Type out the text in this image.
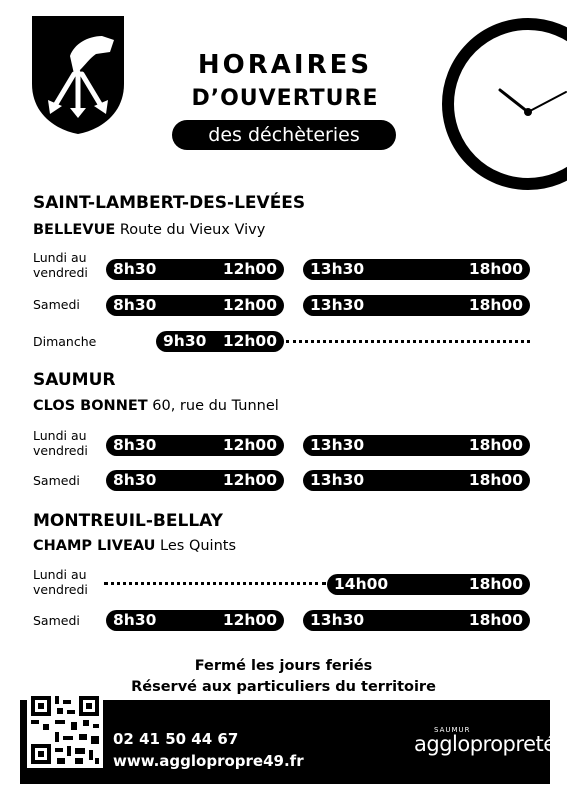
HORAIRES
D’OUVERTURE
des déchèteries
SAINT-LAMBERT-DES-LEVÉES
BELLEVUE Route du Vieux Vivy
Lundi au
vendredi 8h30	12h00 13h30	18h00
Samedi 8h30	12h00 13h30	18h00
Dimanche	9h30 12h00
SAUMUR
CLOS BONNET 60, rue du Tunnel
Lundi au
vendredi 8h30	12h00 13h30	18h00
Samedi 8h30	12h00 13h30	18h00
MONTREUIL-BELLAY
CHAMP LIVEAU Les Quints
Lundi au
vendredi	14h00	18h00
Samedi 8h30	12h00 13h30	18h00
Fermé les jours feriés
Réservé aux particuliers du territoire
02 41 50 44 67
www.agglopropre49.fr
SAUMUR
agglopropreté
